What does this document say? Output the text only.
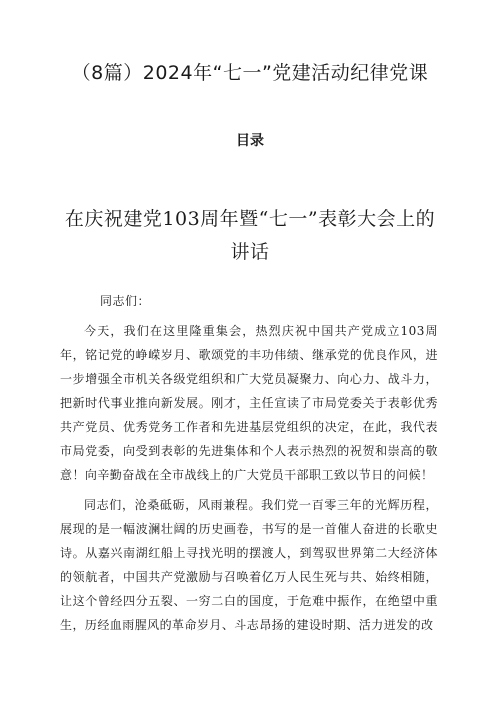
（8篇）2024年“七一”党建活动纪律党课
目录
在庆祝建党103周年暨“七一”表彰大会上的讲话
同志们：
今天，我们在这里隆重集会，热烈庆祝中国共产党成立103周年，铭记党的峥嵘岁月、歌颂党的丰功伟绩、继承党的优良作风，进一步增强全市机关各级党组织和广大党员凝聚力、向心力、战斗力，把新时代事业推向新发展。刚才，主任宣读了市局党委关于表彰优秀共产党员、优秀党务工作者和先进基层党组织的决定，在此，我代表市局党委，向受到表彰的先进集体和个人表示热烈的祝贺和崇高的敬意！向辛勤奋战在全市战线上的广大党员干部职工致以节日的问候！
同志们，沧桑砥砺，风雨兼程。我们党一百零三年的光辉历程，展现的是一幅波澜壮阔的历史画卷，书写的是一首催人奋进的长歌史诗。从嘉兴南湖红船上寻找光明的摆渡人，到驾驭世界第二大经济体的领航者，中国共产党激励与召唤着亿万人民生死与共、始终相随，让这个曾经四分五裂、一穷二白的国度，于危难中振作，在绝望中重生，历经血雨腥风的革命岁月、斗志昂扬的建设时期、活力迸发的改
